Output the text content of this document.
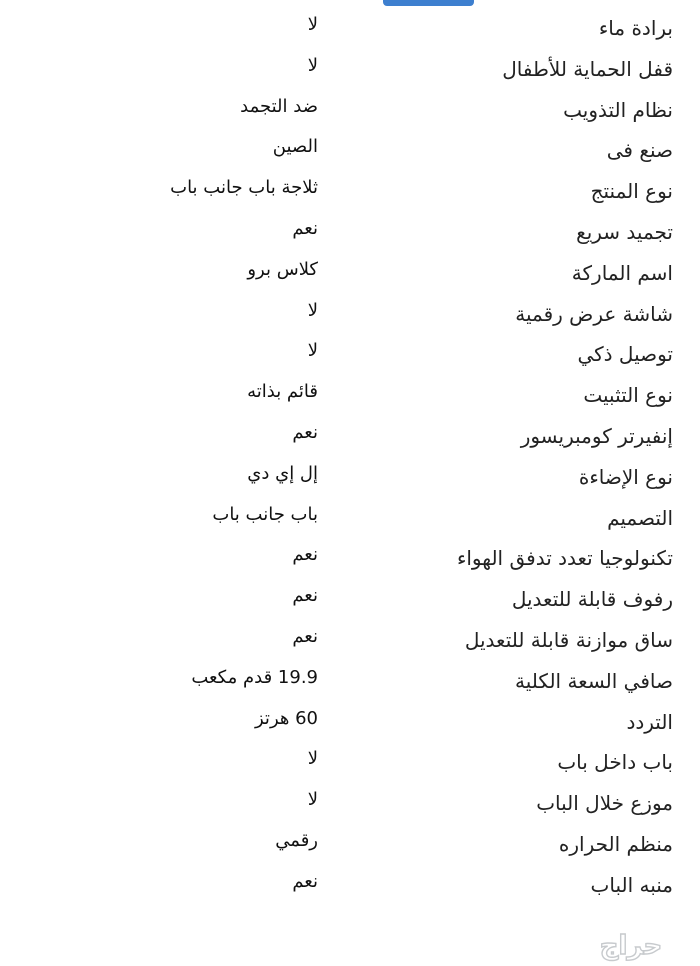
برادة ماء
لا
قفل الحماية للأطفال
لا
نظام التذويب
ضد التجمد
صنع فى
الصين
نوع المنتج
ثلاجة باب جانب باب
تجميد سريع
نعم
اسم الماركة
كلاس برو
شاشة عرض رقمية
لا
توصيل ذكي
لا
نوع التثبيت
قائم بذاته
إنفيرتر كومبريسور
نعم
نوع الإضاءة
إل إي دي
التصميم
باب جانب باب
تكنولوجيا تعدد تدفق الهواء
نعم
رفوف قابلة للتعديل
نعم
ساق موازنة قابلة للتعديل
نعم
صافي السعة الكلية
19.9 قدم مكعب
التردد
60 هرتز
باب داخل باب
لا
موزع خلال الباب
لا
منظم الحراره
رقمي
منبه الباب
نعم
حراج
